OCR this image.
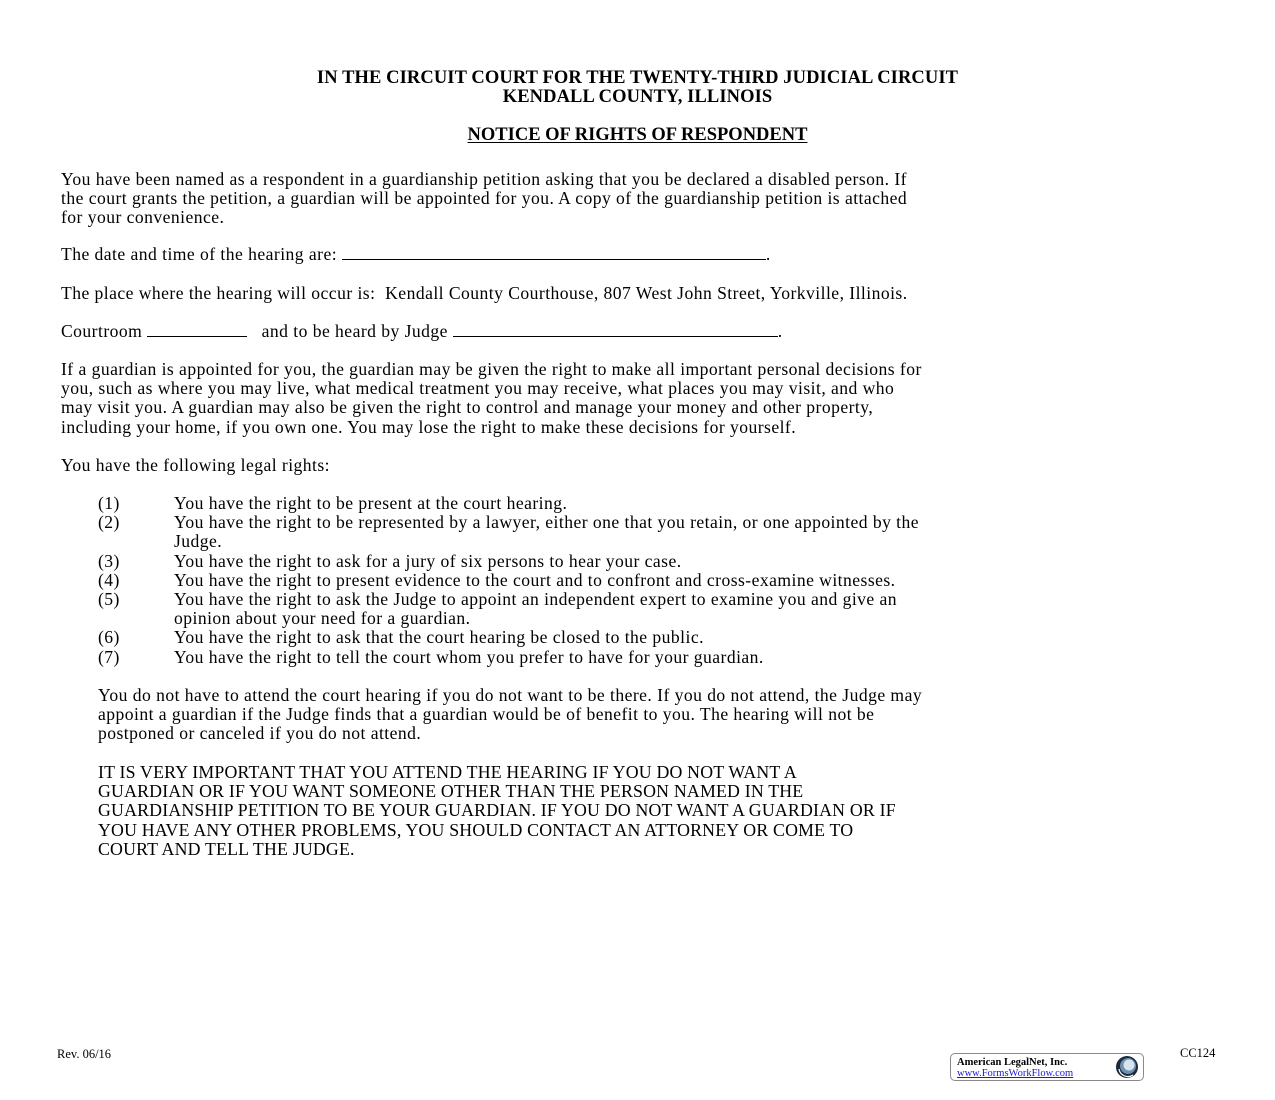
IN THE CIRCUIT COURT FOR THE TWENTY-THIRD JUDICIAL CIRCUIT
KENDALL COUNTY, ILLINOIS
NOTICE OF RIGHTS OF RESPONDENT
You have been named as a respondent in a guardianship petition asking that you be declared a disabled person. If
the court grants the petition, a guardian will be appointed for you. A copy of the guardianship petition is attached
for your convenience.
The date and time of the hearing are:	.
The place where the hearing will occur is: Kendall County Courthouse, 807 West John Street, Yorkville, Illinois.
Courtroom	and to be heard by Judge	.
If a guardian is appointed for you, the guardian may be given the right to make all important personal decisions for
you, such as where you may live, what medical treatment you may receive, what places you may visit, and who
may visit you. A guardian may also be given the right to control and manage your money and other property,
including your home, if you own one. You may lose the right to make these decisions for yourself.
You have the following legal rights:
(1)	You have the right to be present at the court hearing.
(2)	You have the right to be represented by a lawyer, either one that you retain, or one appointed by the
Judge.
(3)	You have the right to ask for a jury of six persons to hear your case.
(4)	You have the right to present evidence to the court and to confront and cross-examine witnesses.
(5)	You have the right to ask the Judge to appoint an independent expert to examine you and give an
opinion about your need for a guardian.
(6)	You have the right to ask that the court hearing be closed to the public.
(7)	You have the right to tell the court whom you prefer to have for your guardian.
You do not have to attend the court hearing if you do not want to be there. If you do not attend, the Judge may
appoint a guardian if the Judge finds that a guardian would be of benefit to you. The hearing will not be
postponed or canceled if you do not attend.
IT IS VERY IMPORTANT THAT YOU ATTEND THE HEARING IF YOU DO NOT WANT A
GUARDIAN OR IF YOU WANT SOMEONE OTHER THAN THE PERSON NAMED IN THE
GUARDIANSHIP PETITION TO BE YOUR GUARDIAN. IF YOU DO NOT WANT A GUARDIAN OR IF
YOU HAVE ANY OTHER PROBLEMS, YOU SHOULD CONTACT AN ATTORNEY OR COME TO
COURT AND TELL THE JUDGE.
Rev. 06/16	CC124
American LegalNet, Inc.
www.FormsWorkFlow.com
